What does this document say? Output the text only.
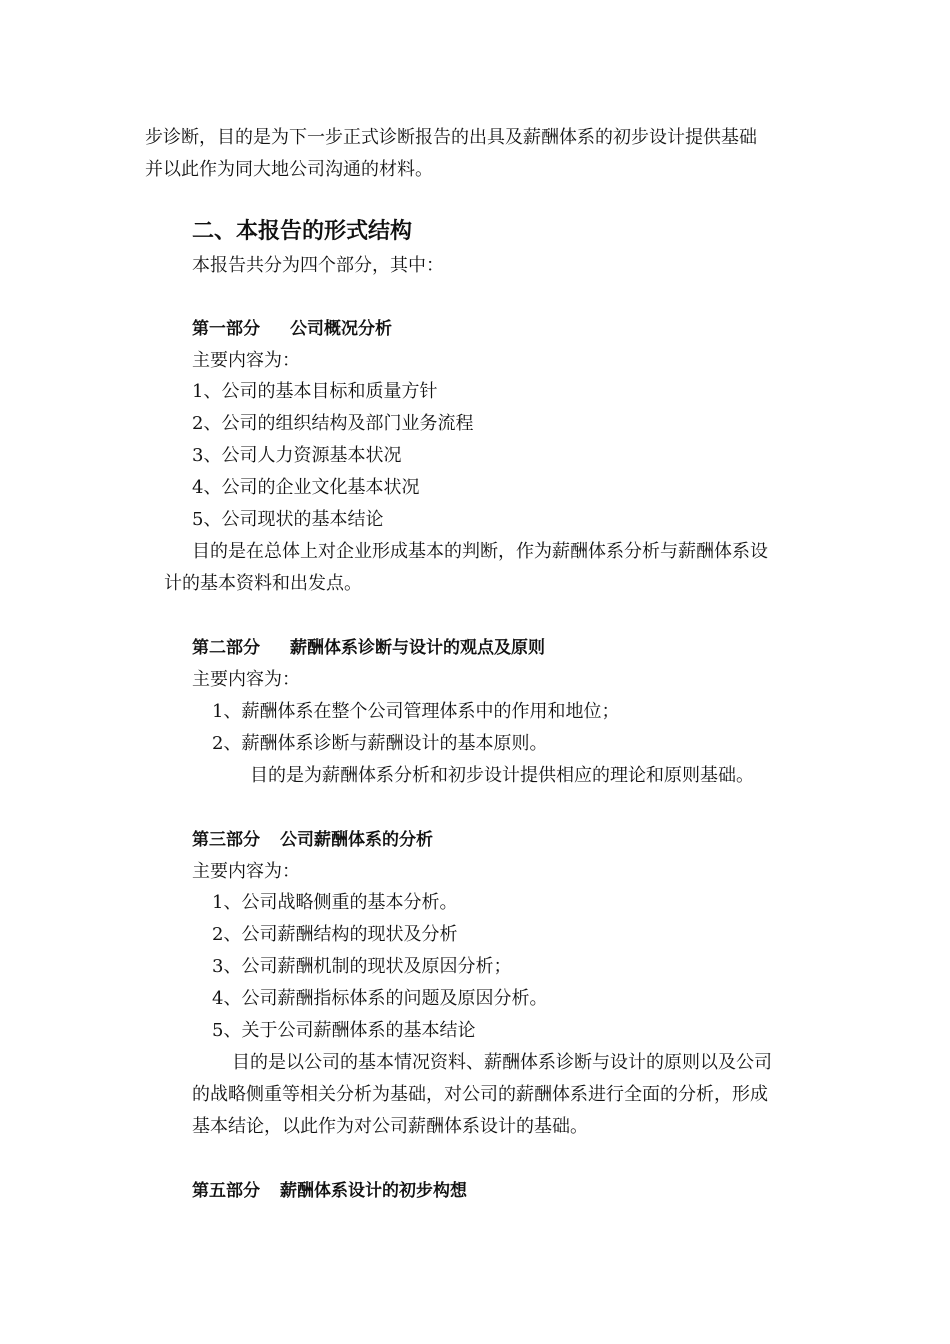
步诊断，目的是为下一步正式诊断报告的出具及薪酬体系的初步设计提供基础
并以此作为同大地公司沟通的材料。
二、本报告的形式结构
本报告共分为四个部分，其中：
第一部分 公司概况分析
主要内容为：
1、公司的基本目标和质量方针
2、公司的组织结构及部门业务流程
3、公司人力资源基本状况
4、公司的企业文化基本状况
5、公司现状的基本结论
目的是在总体上对企业形成基本的判断，作为薪酬体系分析与薪酬体系设
计的基本资料和出发点。
第二部分 薪酬体系诊断与设计的观点及原则
主要内容为：
1、薪酬体系在整个公司管理体系中的作用和地位；
2、薪酬体系诊断与薪酬设计的基本原则。
目的是为薪酬体系分析和初步设计提供相应的理论和原则基础。
第三部分 公司薪酬体系的分析
主要内容为：
1、公司战略侧重的基本分析。
2、公司薪酬结构的现状及分析
3、公司薪酬机制的现状及原因分析；
4、公司薪酬指标体系的问题及原因分析。
5、关于公司薪酬体系的基本结论
目的是以公司的基本情况资料、薪酬体系诊断与设计的原则以及公司
的战略侧重等相关分析为基础，对公司的薪酬体系进行全面的分析，形成
基本结论，以此作为对公司薪酬体系设计的基础。
第五部分 薪酬体系设计的初步构想
